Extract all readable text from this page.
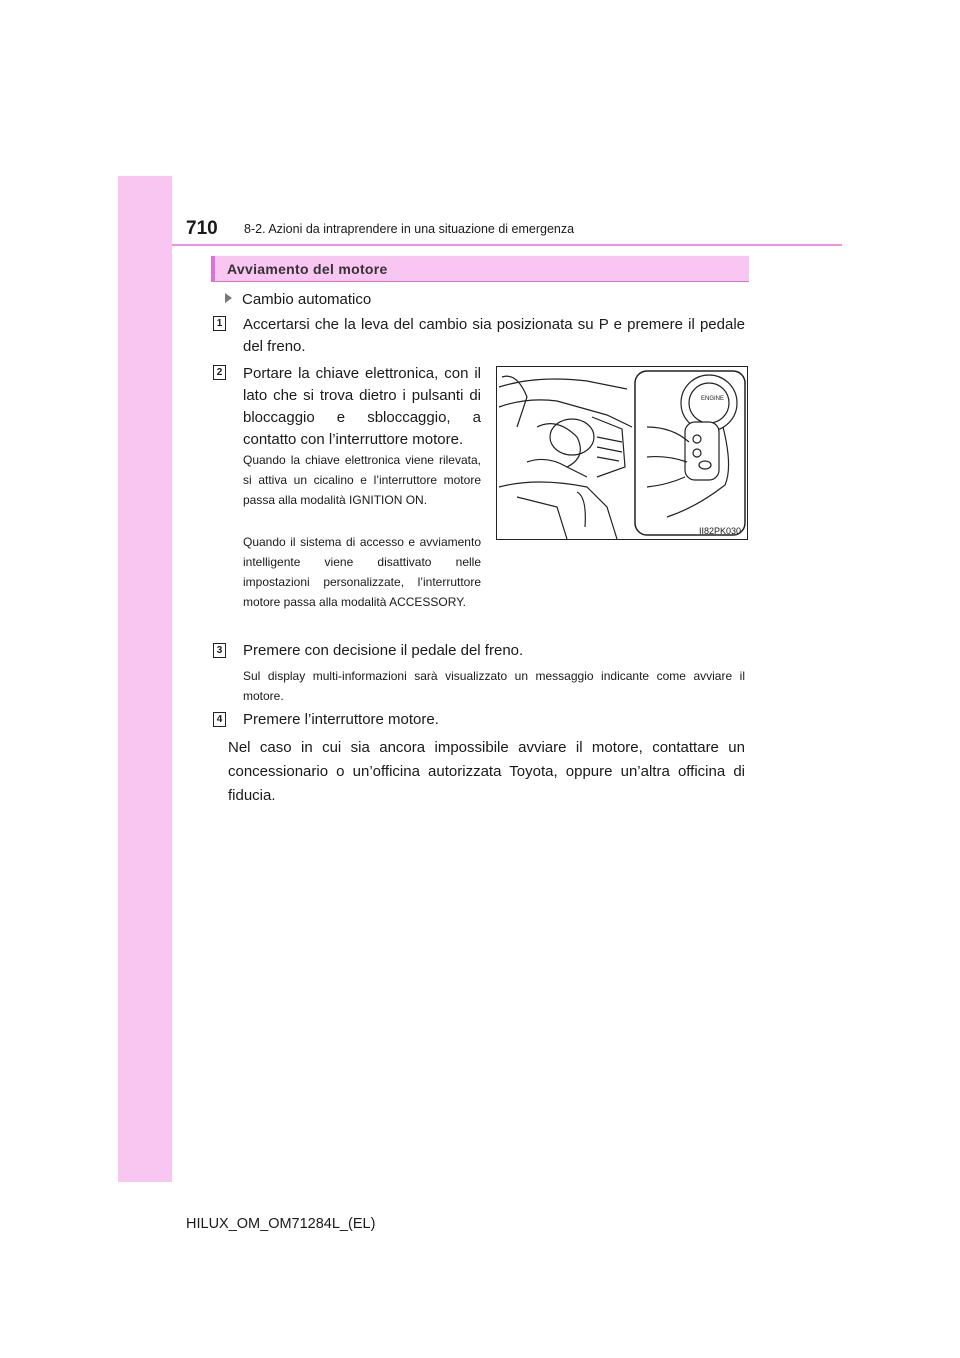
710 8-2. Azioni da intraprendere in una situazione di emergenza
Avviamento del motore
Cambio automatico
1 Accertarsi che la leva del cambio sia posizionata su P e premere il pedale del freno.
2 Portare la chiave elettronica, con il lato che si trova dietro i pulsanti di bloccaggio e sbloccaggio, a contatto con l’interruttore motore.
Quando la chiave elettronica viene rilevata, si attiva un cicalino e l’interruttore motore passa alla modalità IGNITION ON.
Quando il sistema di accesso e avviamento intelligente viene disattivato nelle impostazioni personalizzate, l’interruttore motore passa alla modalità ACCESSORY.
ENGINE
II82PK030
3 Premere con decisione il pedale del freno.
Sul display multi-informazioni sarà visualizzato un messaggio indicante come avviare il motore.
4 Premere l’interruttore motore.
Nel caso in cui sia ancora impossibile avviare il motore, contattare un concessionario o un’officina autorizzata Toyota, oppure un’altra officina di fiducia.
HILUX_OM_OM71284L_(EL)
